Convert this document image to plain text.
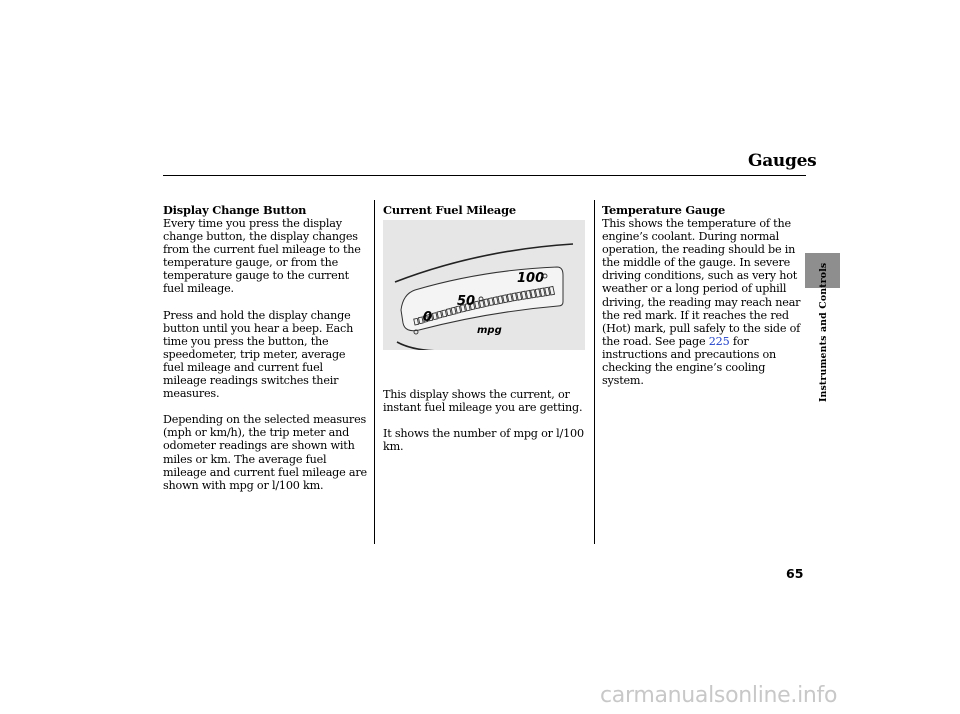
Gauges
Instruments and Controls
Display Change Button

Every time you press the display
change button, the display changes
from the current fuel mileage to the
temperature gauge, or from the
temperature gauge to the current
fuel mileage.

Press and hold the display change
button until you hear a beep. Each
time you press the button, the
speedometer, trip meter, average
fuel mileage and current fuel
mileage readings switches their
measures.

Depending on the selected measures
(mph or km/h), the trip meter and
odometer readings are shown with
miles or km. The average fuel
mileage and current fuel mileage are
shown with mpg or l/100 km.

Current Fuel Mileage

This display shows the current, or
instant fuel mileage you are getting.

It shows the number of mpg or l/100
km.

0
50
100
mpg
Temperature Gauge

This shows the temperature of the
engine’s coolant. During normal
operation, the reading should be in
the middle of the gauge. In severe
driving conditions, such as very hot
weather or a long period of uphill
driving, the reading may reach near
the red mark. If it reaches the red
(Hot) mark, pull safely to the side of
the road. See page 225 for
instructions and precautions on
checking the engine’s cooling
system.

65
carmanualsonline.info
